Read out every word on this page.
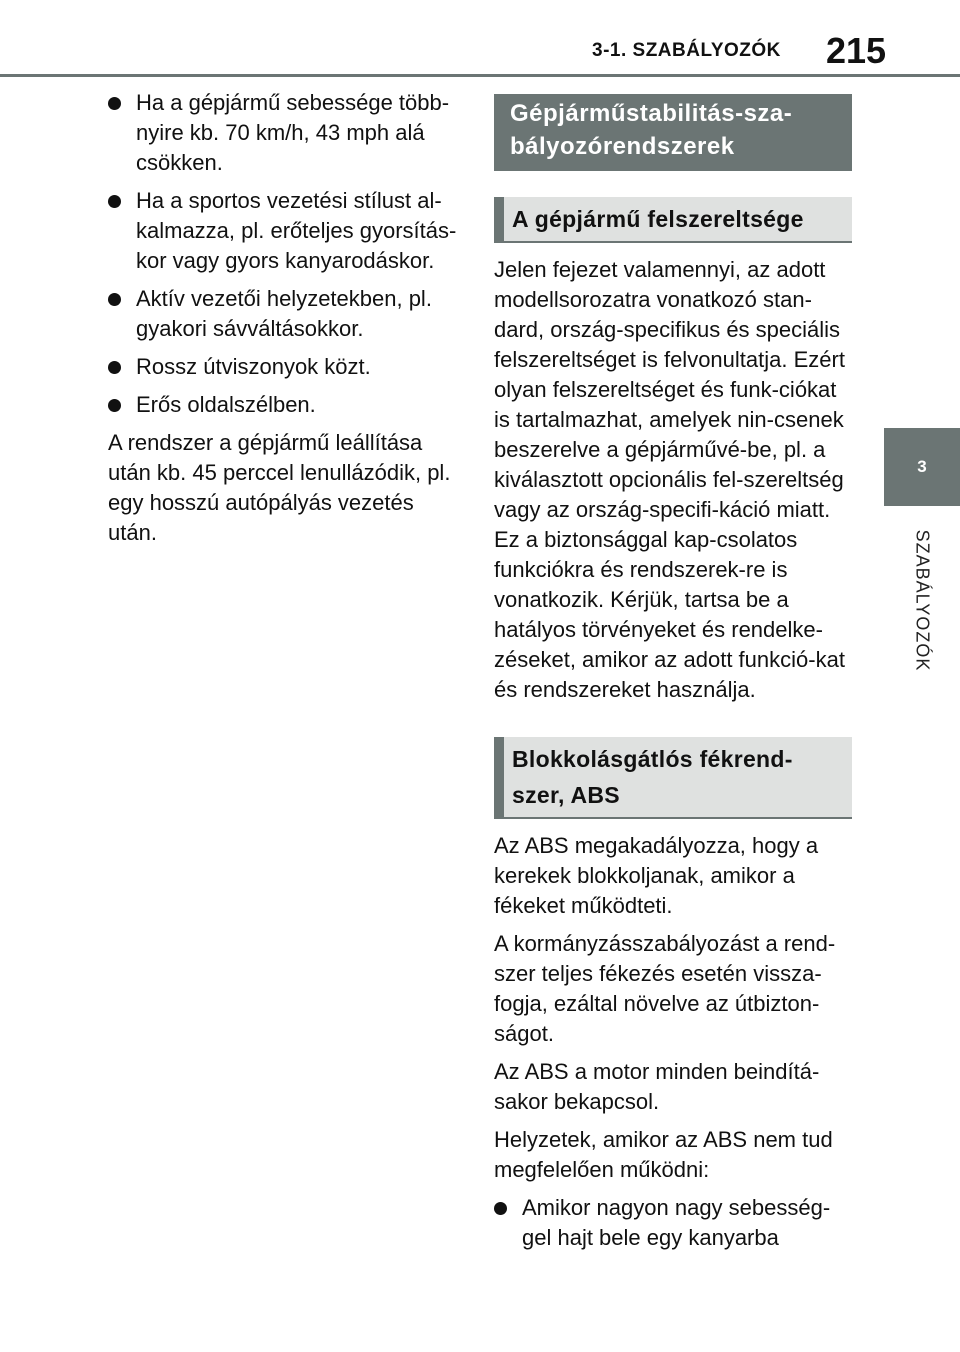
3-1. SZABÁLYOZÓK	215
3
SZABÁLYOZÓK
Ha a gépjármű sebessége több-nyire kb. 70 km/h, 43 mph alá csökken.
Ha a sportos vezetési stílust al-kalmazza, pl. erőteljes gyorsítás-kor vagy gyors kanyarodáskor.
Aktív vezetői helyzetekben, pl. gyakori sávváltásokkor.
Rossz útviszonyok közt.
Erős oldalszélben.

A rendszer a gépjármű leállítása után kb. 45 perccel lenullázódik, pl. egy hosszú autópályás vezetés után.

Gépjárműstabilitás-sza-bályozórendszerek
A gépjármű felszereltsége

Jelen fejezet valamennyi, az adott modellsorozatra vonatkozó stan-dard, ország-specifikus és speciális felszereltséget is felvonultatja. Ezért olyan felszereltséget és funk-ciókat is tartalmazhat, amelyek nin-csenek beszerelve a gépjárművé-be, pl. a kiválasztott opcionális fel-szereltség vagy az ország-specifi-káció miatt. Ez a biztonsággal kap-csolatos funkciókra és rendszerek-re is vonatkozik. Kérjük, tartsa be a hatályos törvényeket és rendelke-zéseket, amikor az adott funkció-kat és rendszereket használja.

Blokkolásgátlós fékrend-szer, ABS

Az ABS megakadályozza, hogy a kerekek blokkoljanak, amikor a fékeket működteti.

A kormányzásszabályozást a rend-szer teljes fékezés esetén vissza-fogja, ezáltal növelve az útbizton-ságot.

Az ABS a motor minden beindítá-sakor bekapcsol.

Helyzetek, amikor az ABS nem tud megfelelően működni:

Amikor nagyon nagy sebesség-gel hajt bele egy kanyarba
